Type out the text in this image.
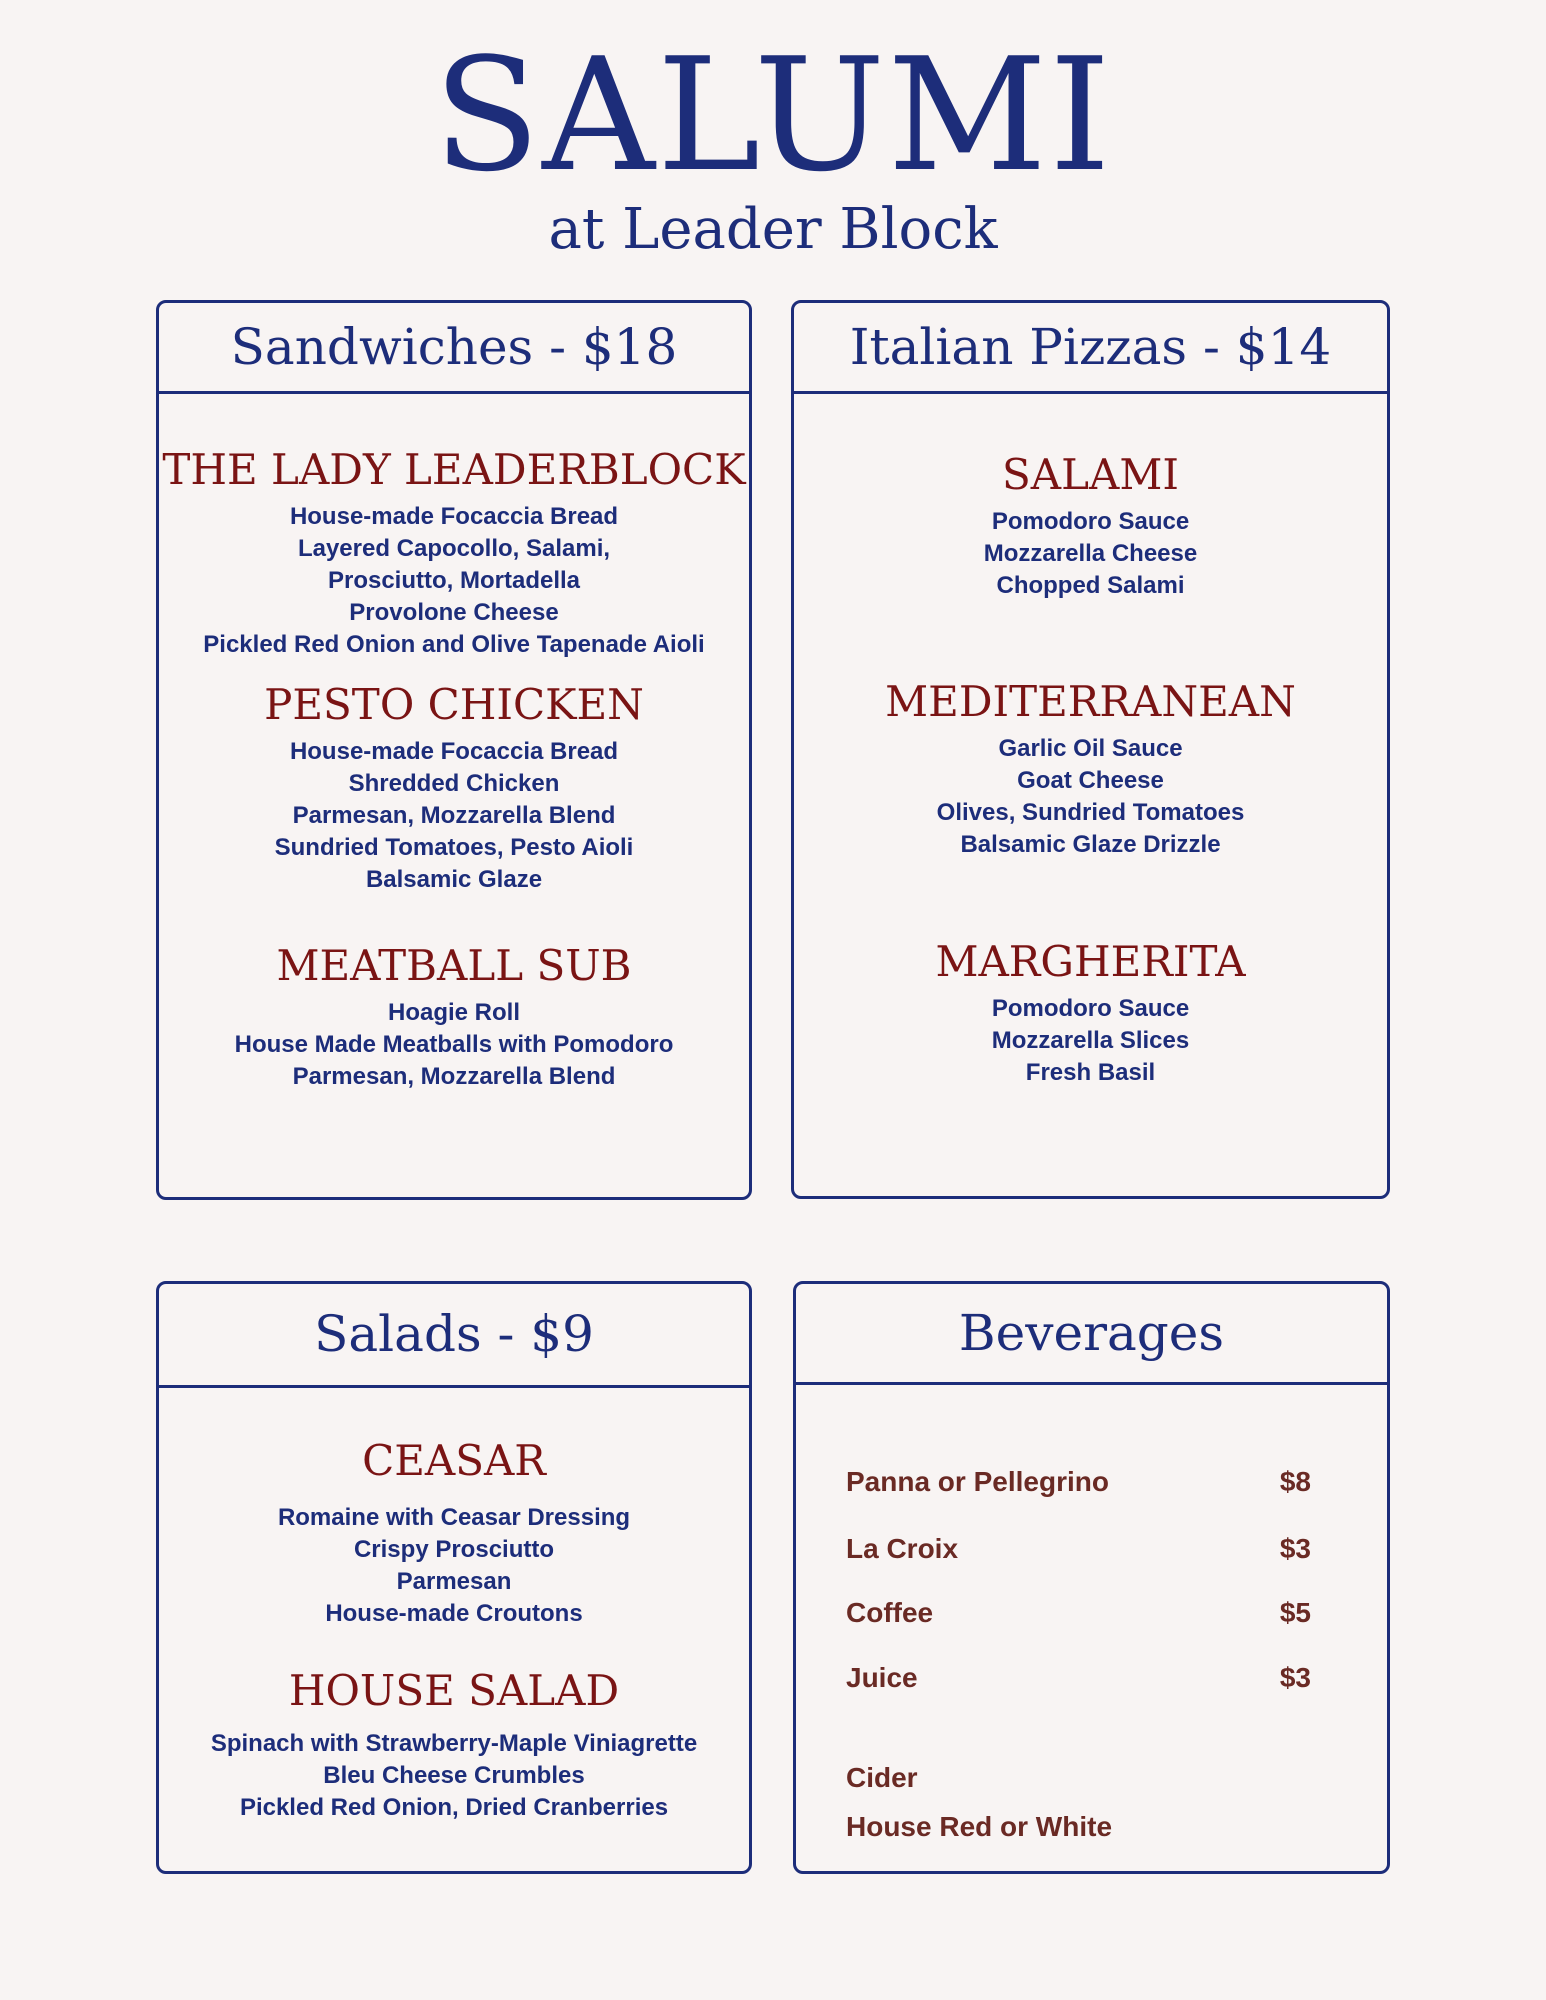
SALUMI
at Leader Block
Sandwiches - $18
THE LADY LEADERBLOCK
House-made Focaccia Bread
Layered Capocollo, Salami,
Prosciutto, Mortadella
Provolone Cheese
Pickled Red Onion and Olive Tapenade Aioli
PESTO CHICKEN
House-made Focaccia Bread
Shredded Chicken
Parmesan, Mozzarella Blend
Sundried Tomatoes, Pesto Aioli
Balsamic Glaze
MEATBALL SUB
Hoagie Roll
House Made Meatballs with Pomodoro
Parmesan, Mozzarella Blend
Italian Pizzas - $14
SALAMI
Pomodoro Sauce
Mozzarella Cheese
Chopped Salami
MEDITERRANEAN
Garlic Oil Sauce
Goat Cheese
Olives, Sundried Tomatoes
Balsamic Glaze Drizzle
MARGHERITA
Pomodoro Sauce
Mozzarella Slices
Fresh Basil
Salads - $9
CEASAR
Romaine with Ceasar Dressing
Crispy Prosciutto
Parmesan
House-made Croutons
HOUSE SALAD
Spinach with Strawberry-Maple Viniagrette
Bleu Cheese Crumbles
Pickled Red Onion, Dried Cranberries
Beverages
Panna or Pellegrino	$8
La Croix	$3
Coffee	$5
Juice	$3
Cider
House Red or White
